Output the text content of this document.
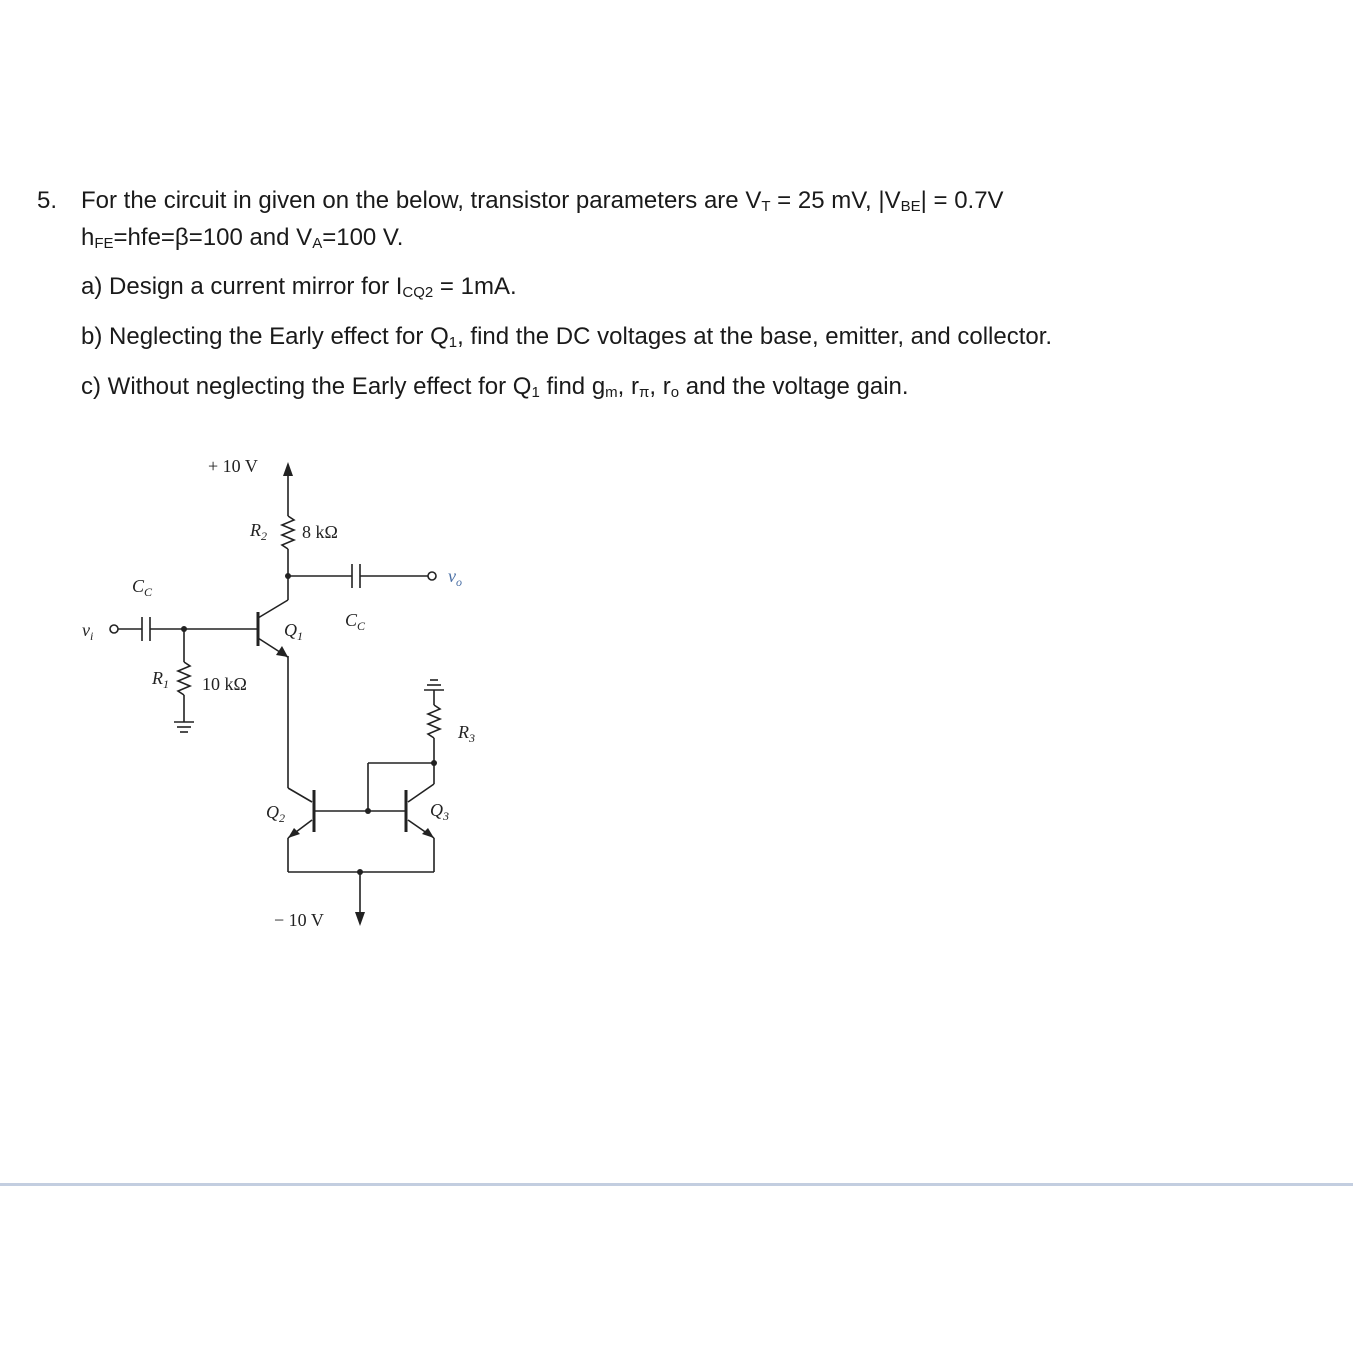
5. For the circuit in given on the below, transistor parameters are $V_T = 25$ mV, $|V_{BE}| = 0.7V$
$h_{FE}=hfe=\beta=100$ and $V_A=100$ V.
a) Design a current mirror for $I_{CQ2} = 1mA$.
b) Neglecting the Early effect for $Q_1$, find the DC voltages at the base, emitter, and collector.
c) Without neglecting the Early effect for $Q_1$ find $g_m$, $r_\pi$, $r_o$ and the voltage gain.
+ 10 V
− 10 V
$R_2$ 8 kΩ
$R_1$ 10 kΩ
$R_3$
$C_C$
$C_C$
$Q_1$
$Q_2$	$Q_3$
$v_i$
$v_o$
